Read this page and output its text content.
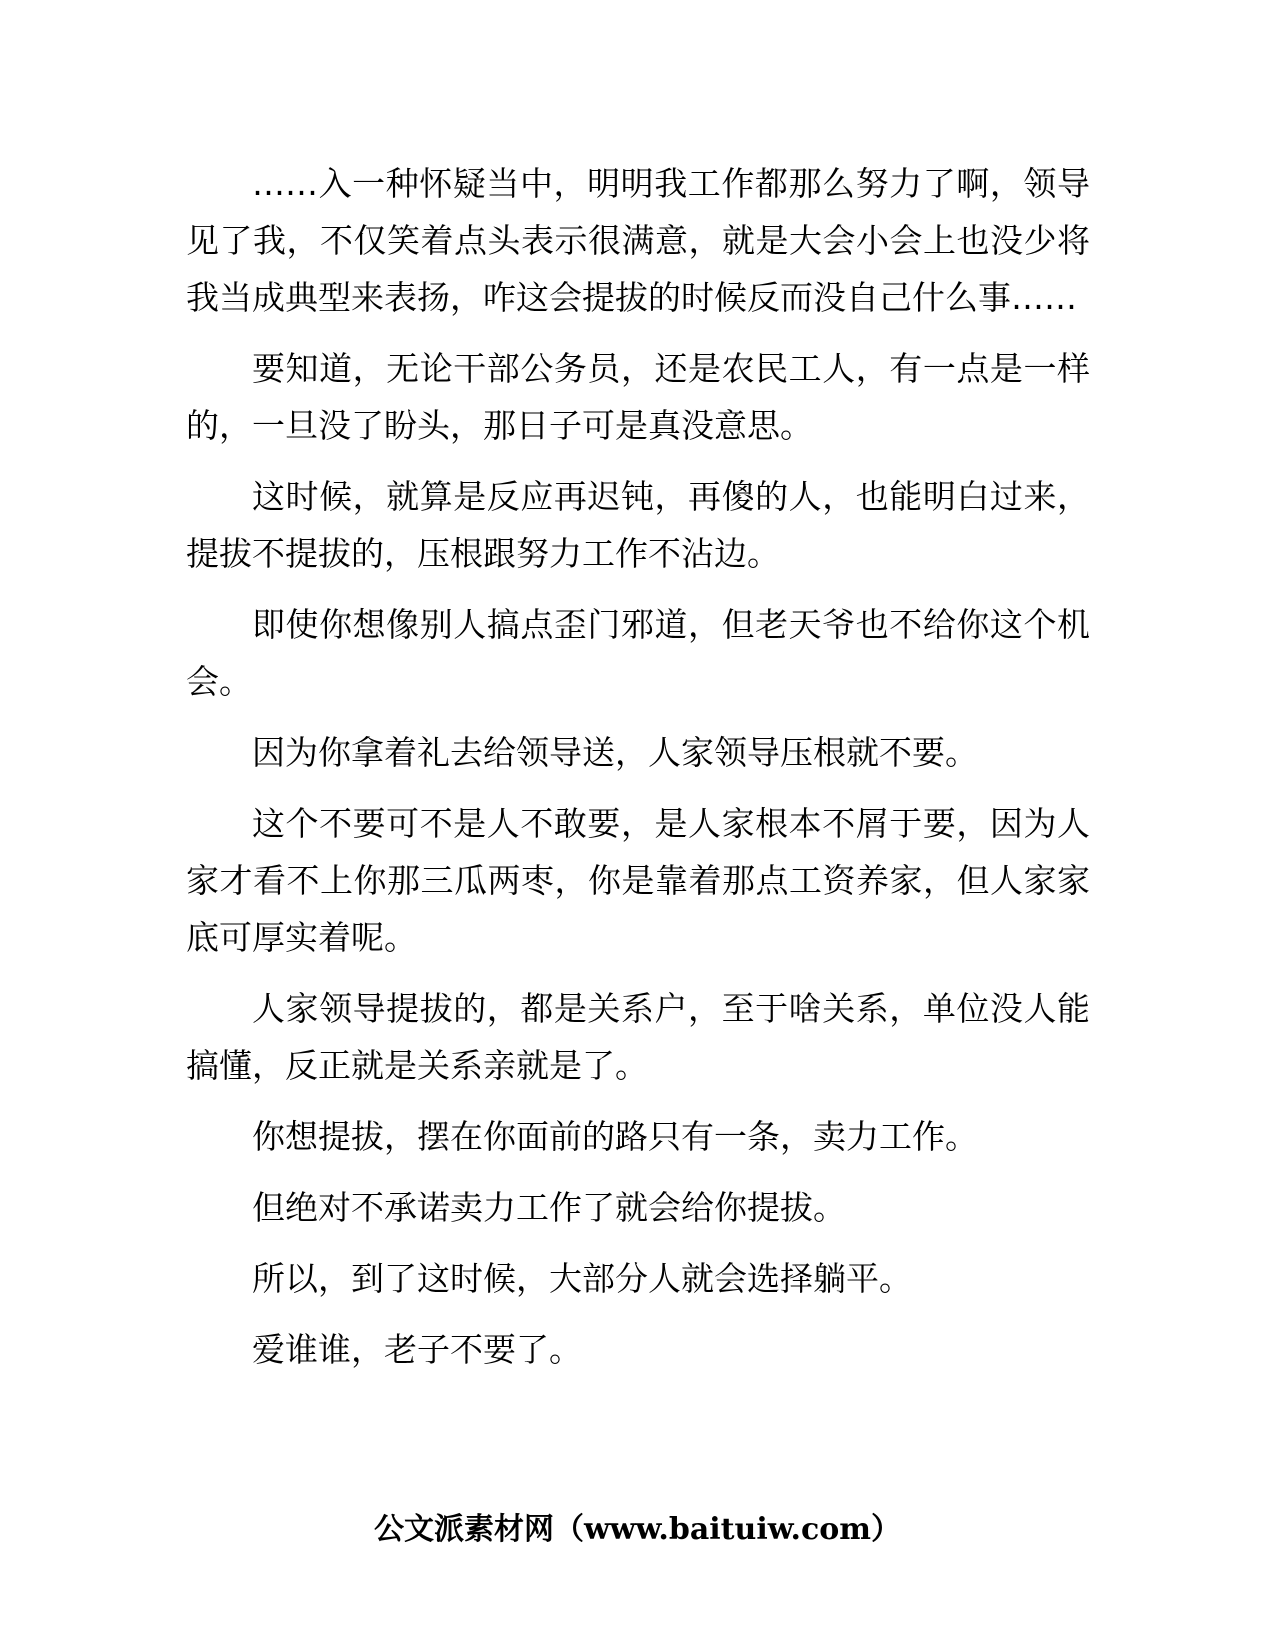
……入一种怀疑当中，明明我工作都那么努力了啊，领导见了我，不仅笑着点头表示很满意，就是大会小会上也没少将我当成典型来表扬，咋这会提拔的时候反而没自己什么事……

要知道，无论干部公务员，还是农民工人，有一点是一样的，一旦没了盼头，那日子可是真没意思。

这时候，就算是反应再迟钝，再傻的人，也能明白过来，提拔不提拔的，压根跟努力工作不沾边。

即使你想像别人搞点歪门邪道，但老天爷也不给你这个机会。

因为你拿着礼去给领导送，人家领导压根就不要。

这个不要可不是人不敢要，是人家根本不屑于要，因为人家才看不上你那三瓜两枣，你是靠着那点工资养家，但人家家底可厚实着呢。

人家领导提拔的，都是关系户，至于啥关系，单位没人能搞懂，反正就是关系亲就是了。

你想提拔，摆在你面前的路只有一条，卖力工作。

但绝对不承诺卖力工作了就会给你提拔。

所以，到了这时候，大部分人就会选择躺平。

爱谁谁，老子不要了。

公文派素材网（www.baituiw.com）
